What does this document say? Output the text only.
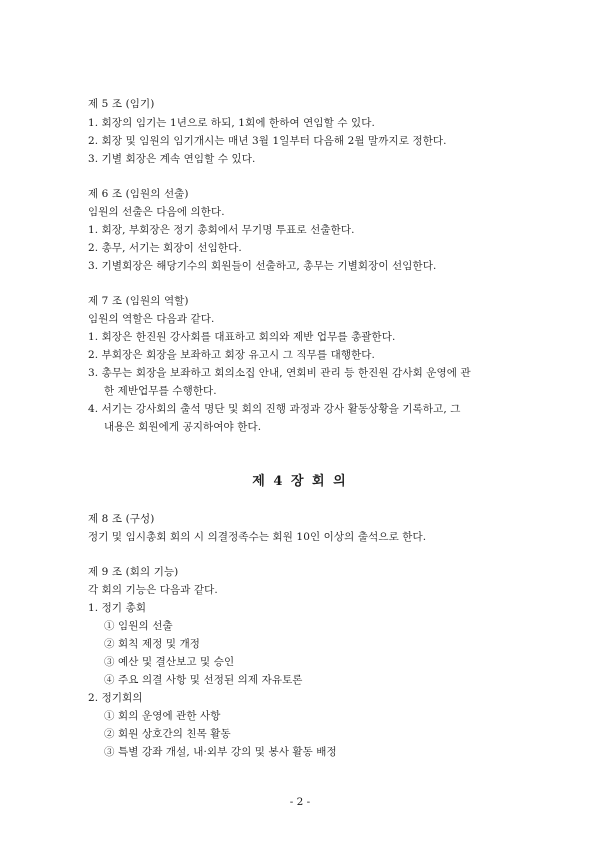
제 5 조 (임기)
1. 회장의 임기는 1년으로 하되, 1회에 한하여 연임할 수 있다.
2. 회장 및 임원의 임기개시는 매년 3월 1일부터 다음해 2월 말까지로 정한다.
3. 기별 회장은 계속 연임할 수 있다.
제 6 조 (임원의 선출)
임원의 선출은 다음에 의한다.
1. 회장, 부회장은 정기 총회에서 무기명 투표로 선출한다.
2. 총무, 서기는 회장이 선임한다.
3. 기별회장은 해당기수의 회원들이 선출하고, 총무는 기별회장이 선임한다.
제 7 조 (임원의 역할)
임원의 역할은 다음과 같다.
1. 회장은 한진원 강사회를 대표하고 회의와 제반 업무를 총괄한다.
2. 부회장은 회장을 보좌하고 회장 유고시 그 직무를 대행한다.
3. 총무는 회장을 보좌하고 회의소집 안내, 연회비 관리 등 한진원 감사회 운영에 관
한 제반업무를 수행한다.
4. 서기는 강사회의 출석 명단 및 회의 진행 과정과 강사 활동상황을 기록하고, 그
내용은 회원에게 공지하여야 한다.
제 4 장 회 의
제 8 조 (구성)
정기 및 임시총회 회의 시 의결정족수는 회원 10인 이상의 출석으로 한다.
제 9 조 (회의 기능)
각 회의 기능은 다음과 같다.
1. 정기 총회
① 임원의 선출
② 회칙 제정 및 개정
③ 예산 및 결산보고 및 승인
④ 주요 의결 사항 및 선정된 의제 자유토론
2. 정기회의
① 회의 운영에 관한 사항
② 회원 상호간의 친목 활동
③ 특별 강좌 개설, 내·외부 강의 및 봉사 활동 배정
- 2 -
